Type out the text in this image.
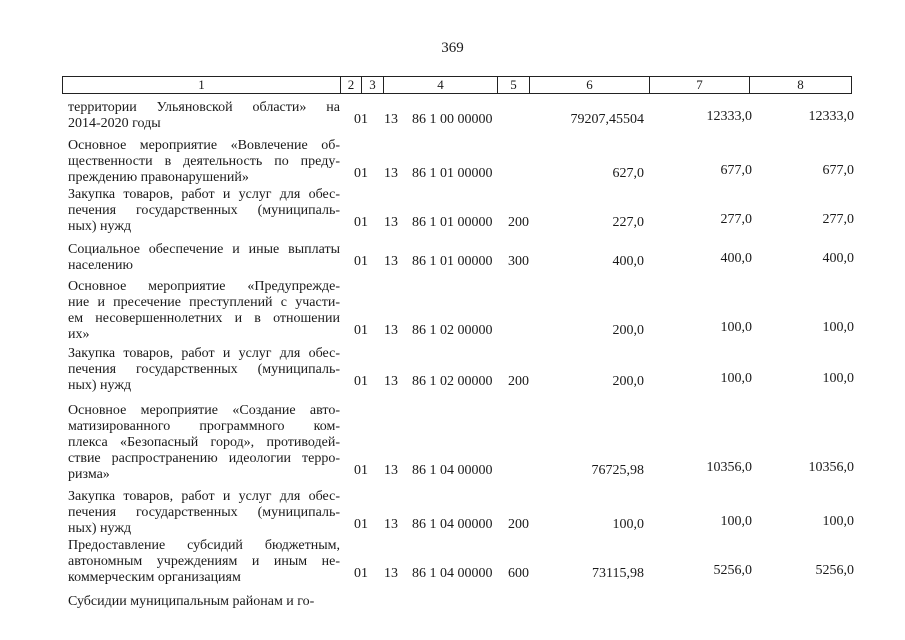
369
1	2	3	4	5	6	7	8
территории Ульяновской области» на
2014-2020 годы	01 13 86 1 00 00000	79207,45504	12333,0	12333,0
Основное мероприятие «Вовлечение об-
щественности в деятельность по преду-
преждению правонарушений»	01 13 86 1 01 00000	627,0	677,0	677,0
Закупка товаров, работ и услуг для обес-
печения государственных (муниципаль-
ных) нужд	01 13 86 1 01 00000 200	227,0	277,0	277,0
Социальное обеспечение и иные выплаты
населению	01 13 86 1 01 00000 300	400,0	400,0	400,0
Основное мероприятие «Предупрежде-
ние и пресечение преступлений с участи-
ем несовершеннолетних и в отношении
их»	01 13 86 1 02 00000	200,0	100,0	100,0
Закупка товаров, работ и услуг для обес-
печения государственных (муниципаль-
ных) нужд	01 13 86 1 02 00000 200	200,0	100,0	100,0
Основное мероприятие «Создание авто-
матизированного программного ком-
плекса «Безопасный город», противодей-
ствие распространению идеологии терро-
ризма»	01 13 86 1 04 00000	76725,98	10356,0	10356,0
Закупка товаров, работ и услуг для обес-
печения государственных (муниципаль-
ных) нужд	01 13 86 1 04 00000 200	100,0	100,0	100,0
Предоставление субсидий бюджетным,
автономным учреждениям и иным не-
коммерческим организациям	01 13 86 1 04 00000 600	73115,98	5256,0	5256,0
Субсидии муниципальным районам и го-
